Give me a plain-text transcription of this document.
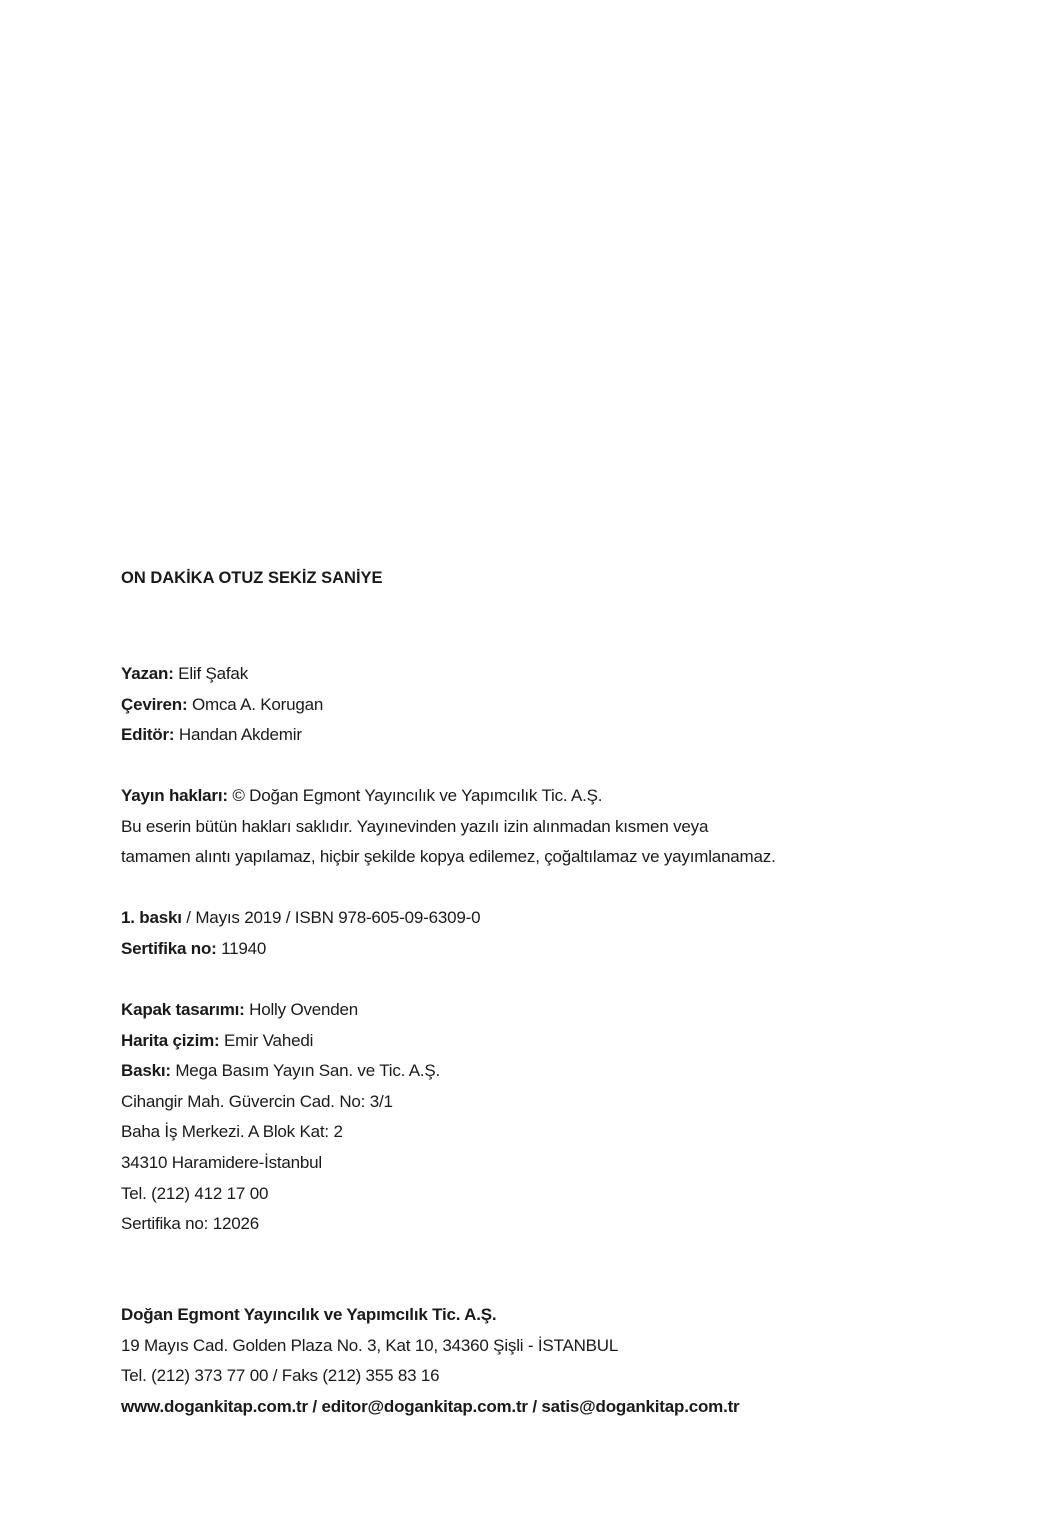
ON DAKİKA OTUZ SEKİZ SANİYE
Yazan: Elif Şafak
Çeviren: Omca A. Korugan
Editör: Handan Akdemir
Yayın hakları: © Doğan Egmont Yayıncılık ve Yapımcılık Tic. A.Ş.
Bu eserin bütün hakları saklıdır. Yayınevinden yazılı izin alınmadan kısmen veya
tamamen alıntı yapılamaz, hiçbir şekilde kopya edilemez, çoğaltılamaz ve yayımlanamaz.
1. baskı / Mayıs 2019 / ISBN 978-605-09-6309-0
Sertifika no: 11940
Kapak tasarımı: Holly Ovenden
Harita çizim: Emir Vahedi
Baskı: Mega Basım Yayın San. ve Tic. A.Ş.
Cihangir Mah. Güvercin Cad. No: 3/1
Baha İş Merkezi. A Blok Kat: 2
34310 Haramidere-İstanbul
Tel. (212) 412 17 00
Sertifika no: 12026
Doğan Egmont Yayıncılık ve Yapımcılık Tic. A.Ş.
19 Mayıs Cad. Golden Plaza No. 3, Kat 10, 34360 Şişli - İSTANBUL
Tel. (212) 373 77 00 / Faks (212) 355 83 16
www.dogankitap.com.tr / editor@dogankitap.com.tr / satis@dogankitap.com.tr
